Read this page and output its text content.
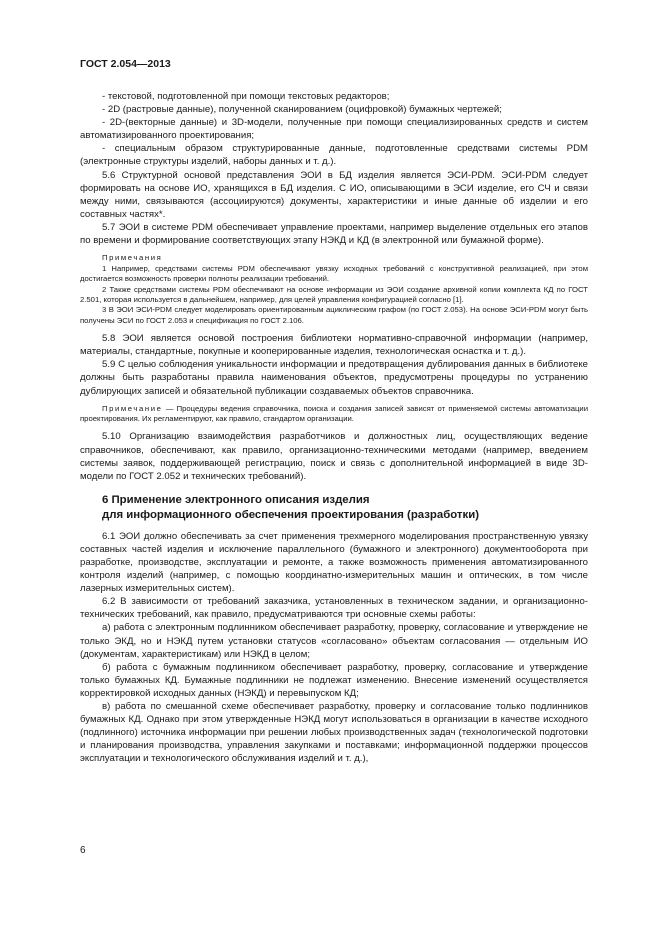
ГОСТ 2.054—2013

- текстовой, подготовленной при помощи текстовых редакторов;

- 2D (растровые данные), полученной сканированием (оцифровкой) бумажных чертежей;

- 2D-(векторные данные) и 3D-модели, полученные при помощи специализированных средств и систем автоматизированного проектирования;

- специальным образом структурированные данные, подготовленные средствами системы PDM (электронные структуры изделий, наборы данных и т. д.).

5.6 Структурной основой представления ЭОИ в БД изделия является ЭСИ-PDM. ЭСИ-PDM следует формировать на основе ИО, хранящихся в БД изделия. С ИО, описывающими в ЭСИ изделие, его СЧ и связи между ними, связываются (ассоциируются) документы, характеристики и иные данные об изделии и его составных частях*.

5.7 ЭОИ в системе PDM обеспечивает управление проектами, например выделение отдельных его этапов по времени и формирование соответствующих этапу НЭКД и КД (в электронной или бумажной форме).

Примечания

1 Например, средствами системы PDM обеспечивают увязку исходных требований с конструктивной реализацией, при этом достигается возможность проверки полноты реализации требований.

2 Также средствами системы PDM обеспечивают на основе информации из ЭОИ создание архивной копии комплекта КД по ГОСТ 2.501, которая используется в дальнейшем, например, для целей управления конфигурацией согласно [1].

3 В ЭОИ ЭСИ-PDM следует моделировать ориентированным ациклическим графом (по ГОСТ 2.053). На основе ЭСИ-PDM могут быть получены ЭСИ по ГОСТ 2.053 и спецификация по ГОСТ 2.106.

5.8 ЭОИ является основой построения библиотеки нормативно-справочной информации (например, материалы, стандартные, покупные и кооперированные изделия, технологическая оснастка и т. д.).

5.9 С целью соблюдения уникальности информации и предотвращения дублирования данных в библиотеке должны быть разработаны правила наименования объектов, предусмотрены процедуры по устранению дублирующих записей и обязательной публикации создаваемых объектов справочника.

Примечание — Процедуры ведения справочника, поиска и создания записей зависят от применяемой системы автоматизации проектирования. Их регламентируют, как правило, стандартом организации.

5.10 Организацию взаимодействия разработчиков и должностных лиц, осуществляющих ведение справочников, обеспечивают, как правило, организационно-техническими методами (например, введением системы заявок, поддерживающей регистрацию, поиск и связь с дополнительной информацией в виде 3D-модели по ГОСТ 2.052 и технических требований).

6 Применение электронного описания изделия
для информационного обеспечения проектирования (разработки)

6.1 ЭОИ должно обеспечивать за счет применения трехмерного моделирования пространственную увязку составных частей изделия и исключение параллельного (бумажного и электронного) документооборота при разработке, производстве, эксплуатации и ремонте, а также возможность применения автоматизированного контроля изделий (например, с помощью координатно-измерительных машин и оптических, в том числе лазерных измерительных систем).

6.2 В зависимости от требований заказчика, установленных в техническом задании, и организационно-технических требований, как правило, предусматриваются три основные схемы работы:

а) работа с электронным подлинником обеспечивает разработку, проверку, согласование и утверждение не только ЭКД, но и НЭКД путем установки статусов «согласовано» объектам согласования — отдельным ИО (документам, характеристикам) или НЭКД в целом;

б) работа с бумажным подлинником обеспечивает разработку, проверку, согласование и утверждение только бумажных КД. Бумажные подлинники не подлежат изменению. Внесение изменений осуществляется корректировкой исходных данных (НЭКД) и перевыпуском КД;

в) работа по смешанной схеме обеспечивает разработку, проверку и согласование только подлинников бумажных КД. Однако при этом утвержденные НЭКД могут использоваться в организации в качестве исходного (подлинного) источника информации при решении любых производственных задач (технологической подготовки и планирования производства, управления закупками и поставками; информационной поддержки процессов эксплуатации и технологического обслуживания изделий и т. д.),

6
